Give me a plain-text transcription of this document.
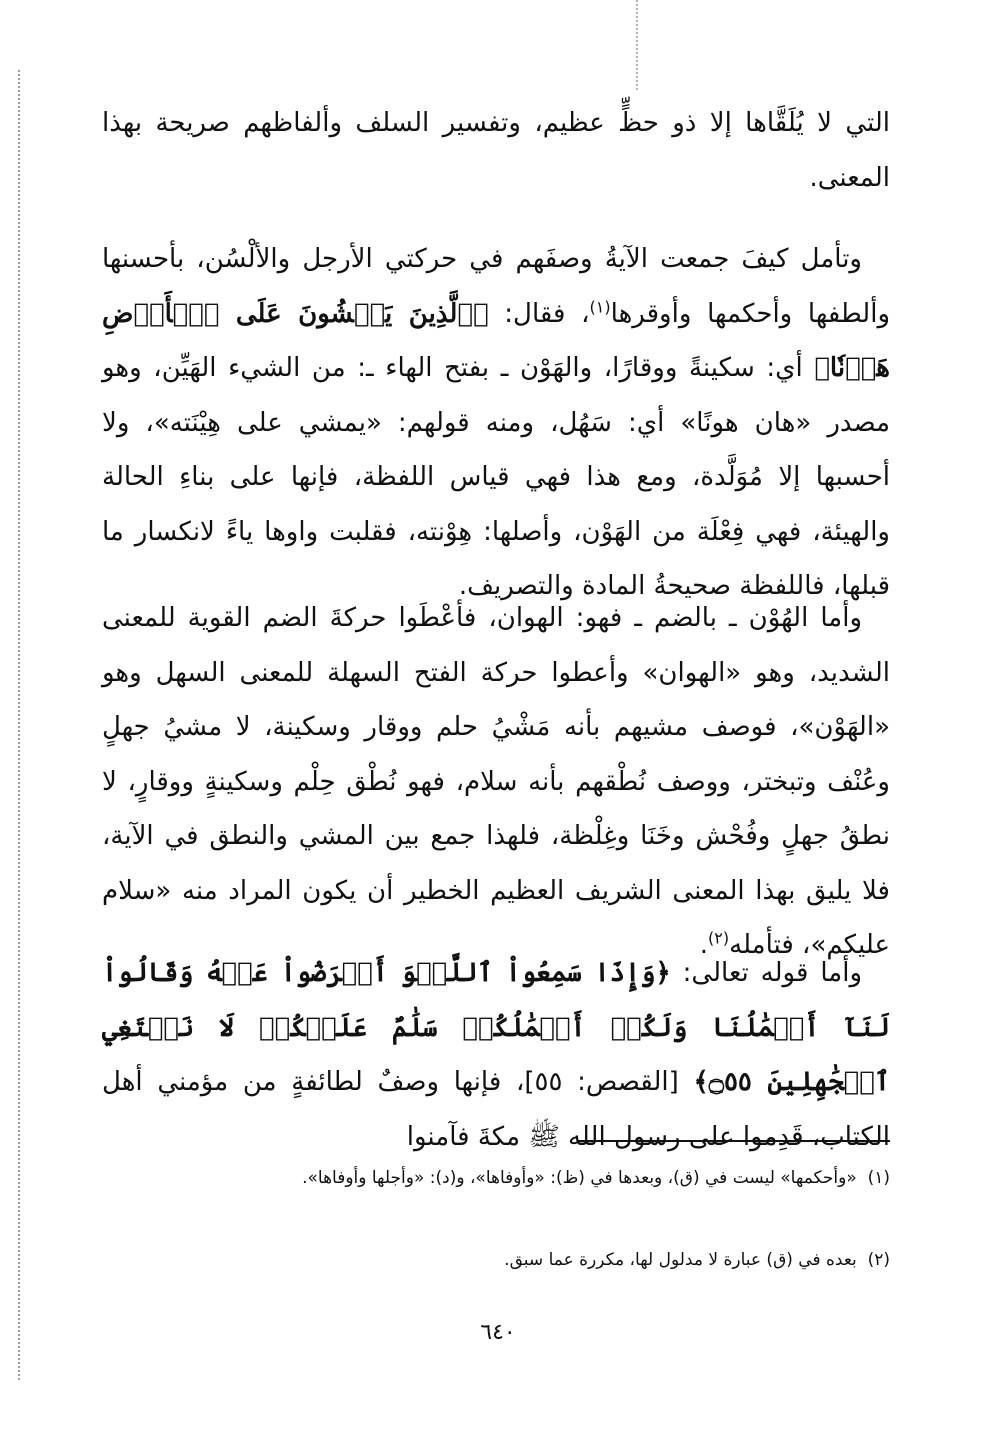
التي لا يُلَقَّاها إلا ذو حظٍّ عظيم، وتفسير السلف وألفاظهم صريحة بهذا المعنى.

وتأمل كيفَ جمعت الآيةُ وصفَهم في حركتي الأرجل والألْسُن، بأحسنها وألطفها وأحكمها وأوقرها$^{(١)}$، فقال: ﴿ٱلَّذِينَ يَمۡشُونَ عَلَى ٱلۡأَرۡضِ هَوۡنٗا﴾ أي: سكينةً ووقارًا، والهَوْن ـ بفتح الهاء ـ: من الشيء الهَيِّن، وهو مصدر «هان هونًا» أي: سَهُل، ومنه قولهم: «يمشي على هِيْنَته»، ولا أحسبها إلا مُوَلَّدة، ومع هذا فهي قياس اللفظة، فإنها على بناءِ الحالة والهيئة، فهي فِعْلَة من الهَوْن، وأصلها: هِوْنته، فقلبت واوها ياءً لانكسار ما قبلها، فاللفظة صحيحةُ المادة والتصريف.

وأما الهُوْن ـ بالضم ـ فهو: الهوان، فأعْطَوا حركةَ الضم القوية للمعنى الشديد، وهو «الهوان» وأعطوا حركة الفتح السهلة للمعنى السهل وهو «الهَوْن»، فوصف مشيهم بأنه مَشْيُ حلم ووقار وسكينة، لا مشيُ جهلٍ وعُنْف وتبختر، ووصف نُطْقهم بأنه سلام، فهو نُطْق حِلْم وسكينةٍ ووقارٍ، لا نطقُ جهلٍ وفُحْش وخَنَا وغِلْظة، فلهذا جمع بين المشي والنطق في الآية، فلا يليق بهذا المعنى الشريف العظيم الخطير أن يكون المراد منه «سلام عليكم»، فتأمله$^{(٢)}$.

وأما قوله تعالى: ﴿وَإِذَا سَمِعُواْ ٱللَّغۡوَ أَعۡرَضُواْ عَنۡهُ وَقَالُواْ لَنَآ أَعۡمَٰلُنَا وَلَكُمۡ أَعۡمَٰلُكُمۡ سَلَٰمٌ عَلَيۡكُمۡ لَا نَبۡتَغِي ٱلۡجَٰهِلِينَ ۝٥٥﴾ [القصص: ٥٥]، فإنها وصفٌ لطائفةٍ من مؤمني أهل الكتاب، قَدِموا على رسول الله ﷺ مكةَ فآمنوا

(١)  «وأحكمها» ليست في (ق)، وبعدها في (ظ): «وأوفاها»، و(د): «وأجلها وأوفاها».

(٢)  بعده في (ق) عبارة لا مدلول لها، مكررة عما سبق.

٦٤٠
